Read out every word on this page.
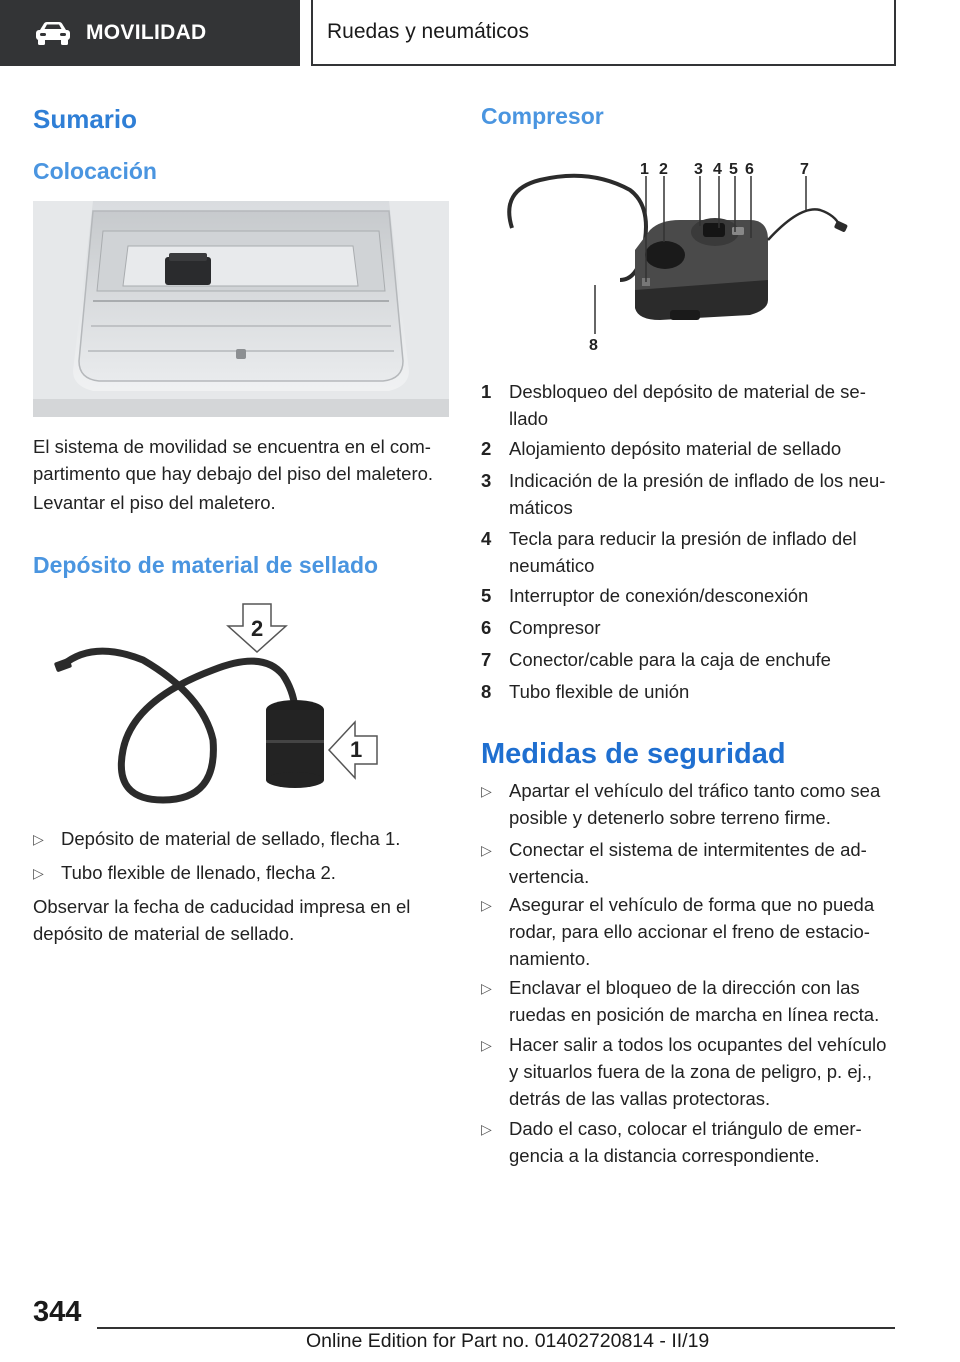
MOVILIDAD	Ruedas y neumáticos
Sumario
Colocación

El sistema de movilidad se encuentra en el com-partimento que hay debajo del piso del maletero.

Levantar el piso del maletero.

Depósito de material de sellado
2
1
▷ Depósito de material de sellado, flecha 1.
▷ Tubo flexible de llenado, flecha 2.

Observar la fecha de caducidad impresa en el depósito de material de sellado.

Compresor
1 2 3 4 5 6	7
8
1 Desbloqueo del depósito de material de se-llado
2 Alojamiento depósito material de sellado
3 Indicación de la presión de inflado de los neu-máticos
4 Tecla para reducir la presión de inflado del neumático
5 Interruptor de conexión/desconexión
6 Compresor
7 Conector/cable para la caja de enchufe
8 Tubo flexible de unión
Medidas de seguridad
▷ Apartar el vehículo del tráfico tanto como sea posible y detenerlo sobre terreno firme.
▷ Conectar el sistema de intermitentes de ad-vertencia.
▷ Asegurar el vehículo de forma que no pueda rodar, para ello accionar el freno de estacio-namiento.
▷ Enclavar el bloqueo de la dirección con las ruedas en posición de marcha en línea recta.
▷ Hacer salir a todos los ocupantes del vehículo y situarlos fuera de la zona de peligro, p. ej., detrás de las vallas protectoras.
▷ Dado el caso, colocar el triángulo de emer-gencia a la distancia correspondiente.
344
Online Edition for Part no. 01402720814 - II/19
